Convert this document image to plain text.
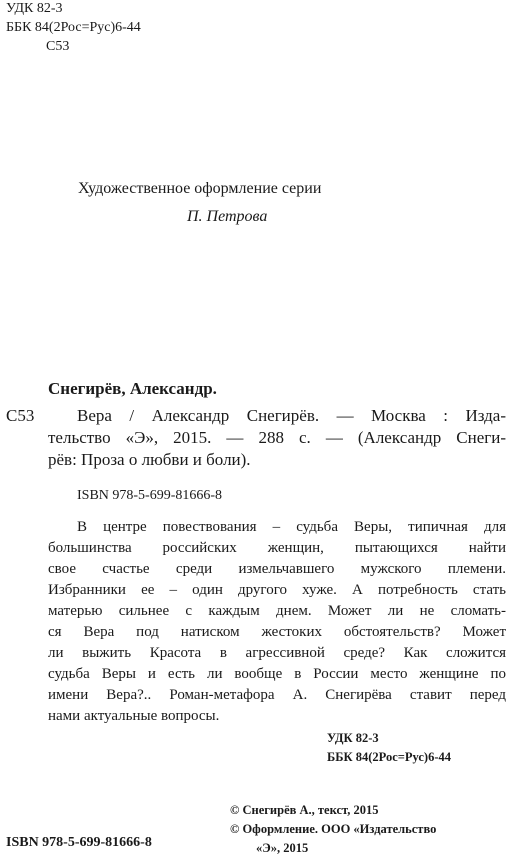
УДК 82-3
ББК 84(2Рос=Рус)6-44
С53
Художественное оформление серии
П. Петрова
Снегирёв, Александр.
С53	Вера / Александр Снегирёв. — Москва : Изда-
тельство «Э», 2015. — 288 с. — (Александр Снеги-
рёв: Проза о любви и боли).
ISBN 978-5-699-81666-8
В центре повествования – судьба Веры, типичная для
большинства российских женщин, пытающихся найти
свое счастье среди измельчавшего мужского племени.
Избранники ее – один другого хуже. А потребность стать
матерью сильнее с каждым днем. Может ли не сломать-
ся Вера под натиском жестоких обстоятельств? Может
ли выжить Красота в агрессивной среде? Как сложится
судьба Веры и есть ли вообще в России место женщине по
имени Вера?.. Роман-метафора А. Снегирёва ставит перед
нами актуальные вопросы.
УДК 82-3
ББК 84(2Рос=Рус)6-44
© Снегирёв А., текст, 2015
© Оформление. ООО «Издательство
«Э», 2015
ISBN 978-5-699-81666-8
